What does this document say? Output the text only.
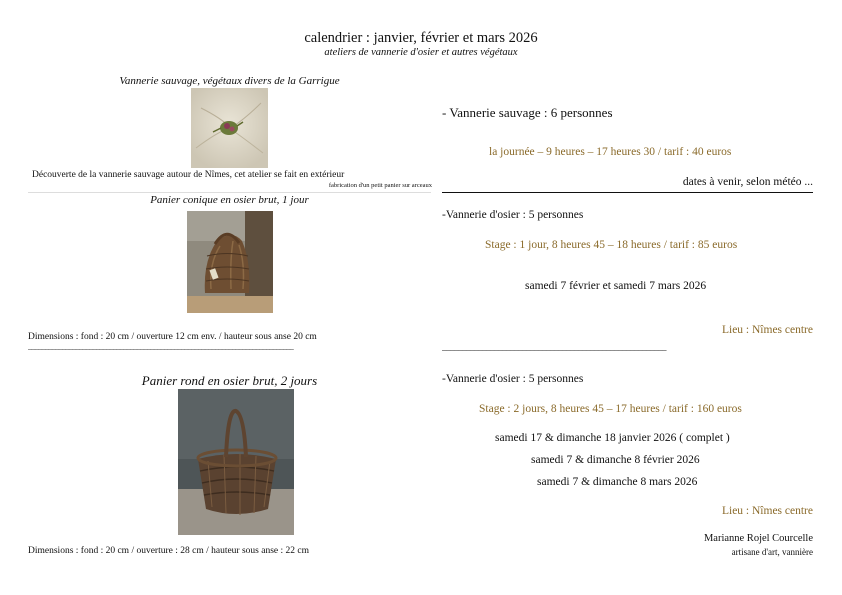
calendrier : janvier, février et mars 2026
ateliers de vannerie d'osier et autres végétaux
Vannerie sauvage, végétaux divers de la Garrigue
Découverte de la vannerie sauvage autour de Nîmes, cet atelier se fait en extérieur
fabrication d'un petit panier sur arceaux
Panier conique en osier brut, 1 jour
Dimensions : fond : 20 cm / ouverture 12 cm env. / hauteur sous anse 20 cm
______________________________________________________________________________
Panier rond en osier brut, 2 jours
Dimensions : fond : 20 cm / ouverture : 28 cm / hauteur sous anse : 22 cm
- Vannerie sauvage : 6 personnes
la journée – 9 heures – 17 heures 30 / tarif : 40 euros
dates à venir, selon météo ...
-Vannerie d'osier : 5 personnes
Stage : 1 jour, 8 heures 45 – 18 heures / tarif : 85 euros
samedi 7 février et samedi 7 mars 2026
Lieu : Nîmes centre
________________________________________________________
-Vannerie d'osier : 5 personnes
Stage : 2 jours, 8 heures 45 – 17 heures / tarif : 160 euros
samedi 17 & dimanche 18 janvier 2026 ( complet )
samedi 7 & dimanche 8 février 2026
samedi 7 & dimanche 8 mars 2026
Lieu : Nîmes centre
Marianne Rojel Courcelle
artisane d'art, vannière
